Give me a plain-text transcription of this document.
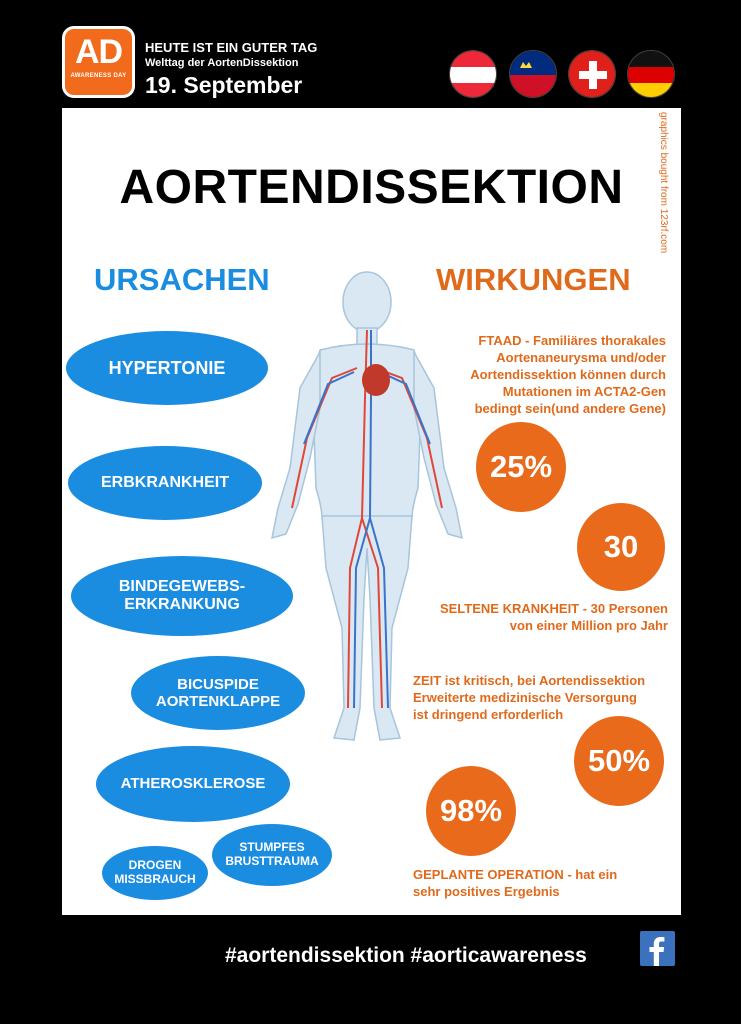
AD
AWARENESS DAY
HEUTE IST EIN GUTER TAG
Welttag der AortenDissektion
19. September
AORTENDISSEKTION	graphics bought from 123rf.com
URSACHEN	WIRKUNGEN
HYPERTONIE
ERBKRANKHEIT
BINDEGEWEBS-
ERKRANKUNG
BICUSPIDE
AORTENKLAPPE
ATHEROSKLEROSE
STUMPFES
BRUSTTRAUMA
DROGEN
MISSBRAUCH
FTAAD - Familiäres thorakales
Aortenaneurysma und/oder
Aortendissektion können durch
Mutationen im ACTA2-Gen
bedingt sein(und andere Gene)
25%
30
SELTENE KRANKHEIT - 30 Personen
von einer Million pro Jahr
ZEIT ist kritisch, bei Aortendissektion
Erweiterte medizinische Versorgung
ist dringend erforderlich
50%
98%
GEPLANTE OPERATION - hat ein
sehr positives Ergebnis
#aortendissektion #aorticawareness
